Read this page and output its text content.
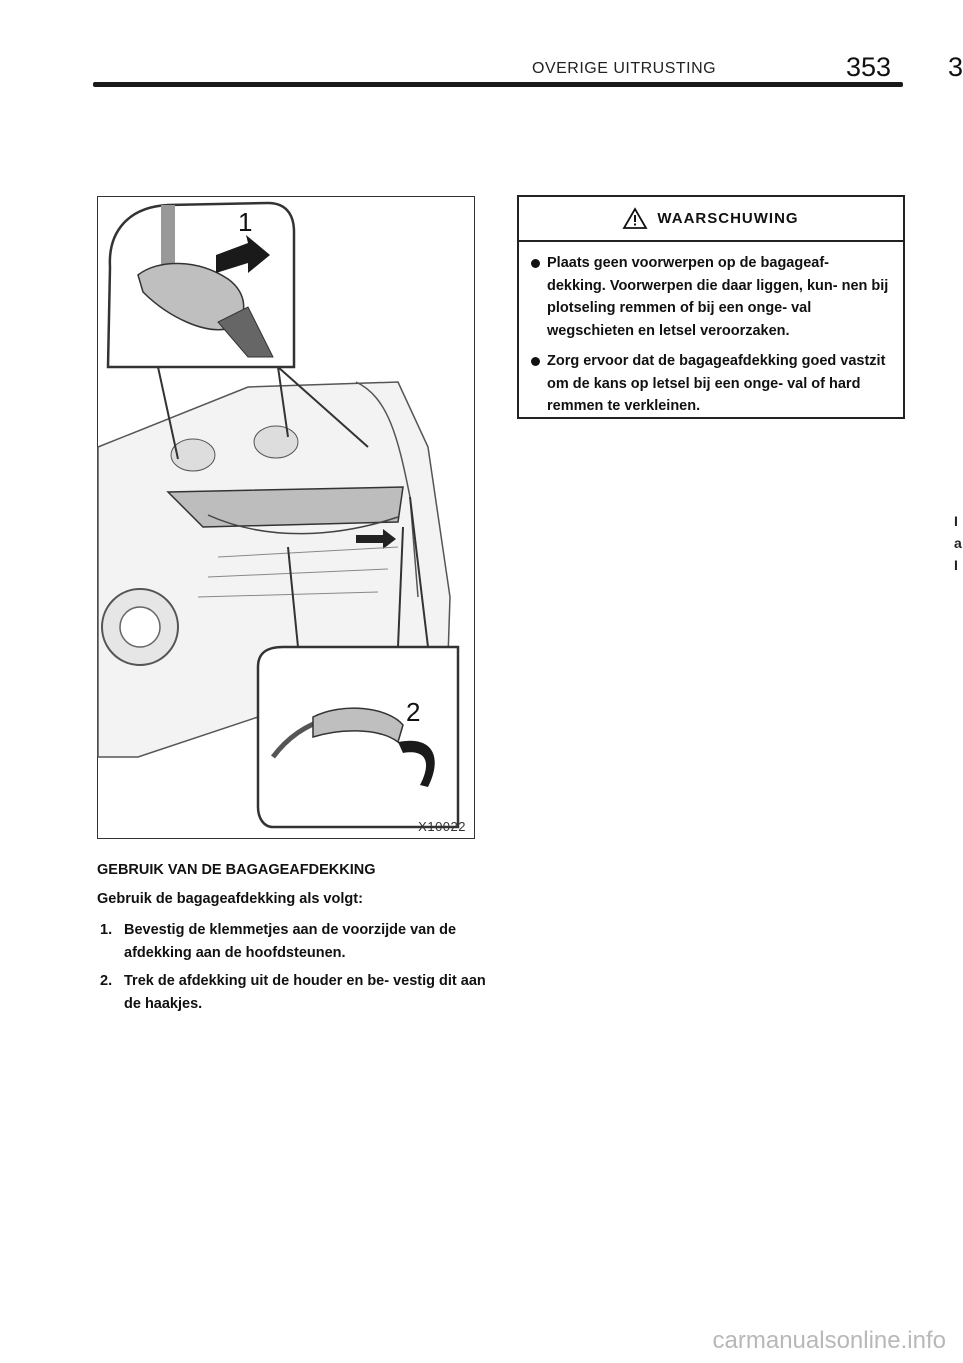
OVERIGE UITRUSTING	353 3
1
2
X10022
WAARSCHUWING
Plaats geen voorwerpen op de bagageaf- dekking. Voorwerpen die daar liggen, kun- nen bij plotseling remmen of bij een onge- val wegschieten en letsel veroorzaken.
Zorg ervoor dat de bagageafdekking goed vastzit om de kans op letsel bij een onge- val of hard remmen te verkleinen.
GEBRUIK VAN DE BAGAGEAFDEKKING
Gebruik de bagageafdekking als volgt:
1. Bevestig de klemmetjes aan de voorzijde van de afdekking aan de hoofdsteunen.
2. Trek de afdekking uit de houder en be- vestig dit aan de haakjes.
I
a
I
carmanualsonline.info
